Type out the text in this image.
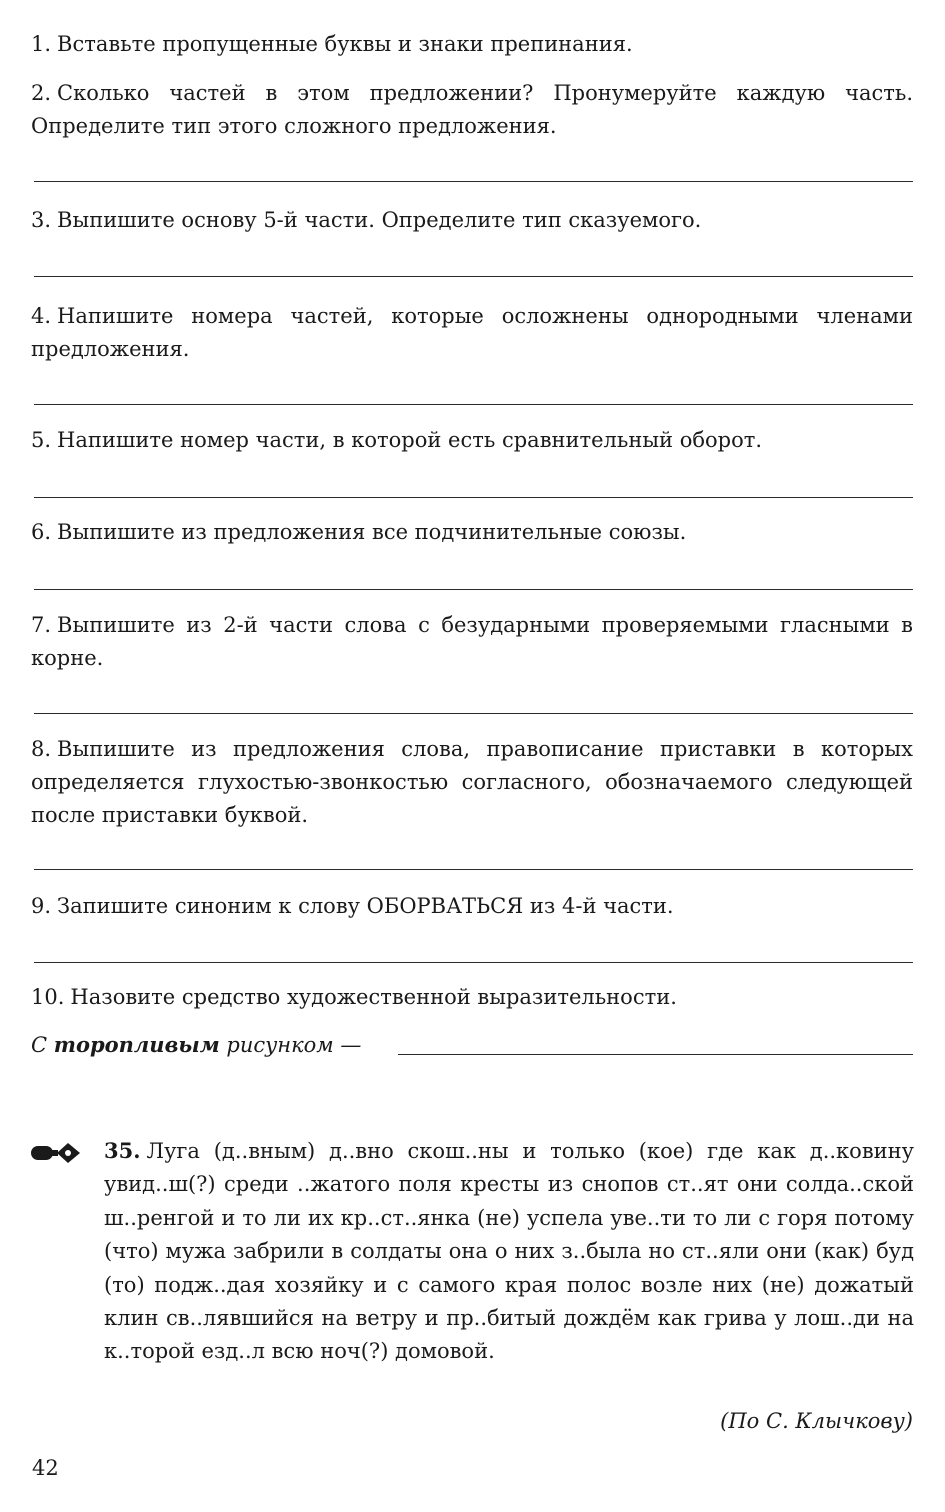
1. Вставьте пропущенные буквы и знаки препинания.

2. Сколько частей в этом предложении? Пронумеруйте каждую часть. Определите тип этого сложного предложения.

3. Выпишите основу 5-й части. Определите тип сказуемого.

4. Напишите номера частей, которые осложнены однородными членами предложения.

5. Напишите номер части, в которой есть сравнительный оборот.

6. Выпишите из предложения все подчинительные союзы.

7. Выпишите из 2-й части слова с безударными проверяемыми гласными в корне.

8. Выпишите из предложения слова, правописание приставки в которых определяется глухостью-звонкостью согласного, обозначаемого следующей после приставки буквой.

9. Запишите синоним к слову ОБОРВАТЬСЯ из 4-й части.

10. Назовите средство художественной выразительности.

С торопливым рисунком —

35. Луга (д..вным) д..вно скош..ны и только (кое) где как д..ковину увид..ш(?) среди ..жатого поля кресты из снопов ст..ят они солда..ской ш..ренгой и то ли их кр..ст..янка (не) успела уве..ти то ли с горя потому (что) мужа забрили в солдаты она о них з..была но ст..яли они (как) буд (то) подж..дая хозяйку и с самого края полос возле них (не) дожатый клин св..лявшийся на ветру и пр..битый дождём как грива у лош..ди на к..торой езд..л всю ноч(?) домовой.

(По С. Клычкову)
42
